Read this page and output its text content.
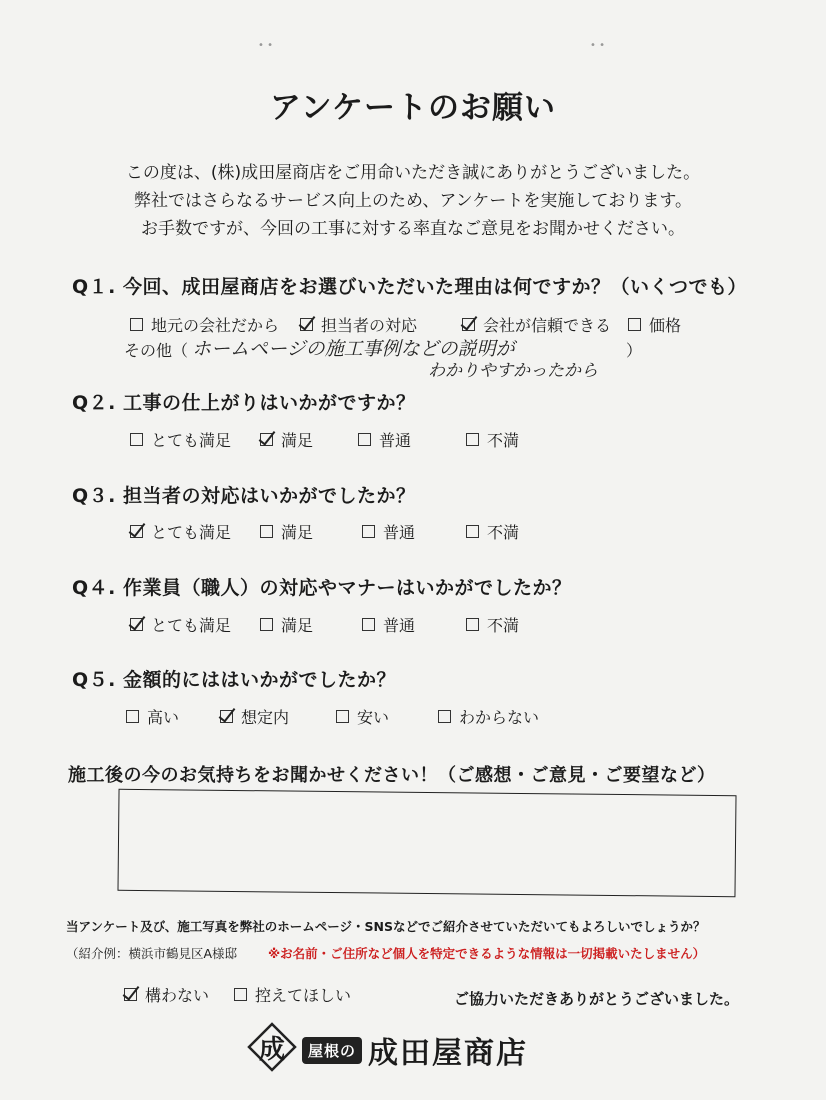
• •	• •
アンケートのお願い
この度は、(株)成田屋商店をご用命いただき誠にありがとうございました。
弊社ではさらなるサービス向上のため、アンケートを実施しております。
お手数ですが、今回の工事に対する率直なご意見をお聞かせください。
Q１. 今回、成田屋商店をお選びいただいた理由は何ですか？（いくつでも）
地元の会社だから	担当者の対応	会社が信頼できる 価格
その他（ ホームページの施工事例などの説明が	）
わかりやすかったから
Q２. 工事の仕上がりはいかがですか？
とても満足	満足	普通	不満
Q３. 担当者の対応はいかがでしたか？
とても満足	満足	普通	不満
Q４. 作業員（職人）の対応やマナーはいかがでしたか？
とても満足	満足	普通	不満
Q５. 金額的にははいかがでしたか？
高い	想定内	安い	わからない
施工後の今のお気持ちをお聞かせください！（ご感想・ご意見・ご要望など）
当アンケート及び、施工写真を弊社のホームページ・SNSなどでご紹介させていただいてもよろしいでしょうか？
（紹介例：横浜市鶴見区A様邸 ※お名前・ご住所など個人を特定できるような情報は一切掲載いたしません）
構わない	控えてほしい	ご協力いただきありがとうございました。
成	屋根の 成田屋商店
